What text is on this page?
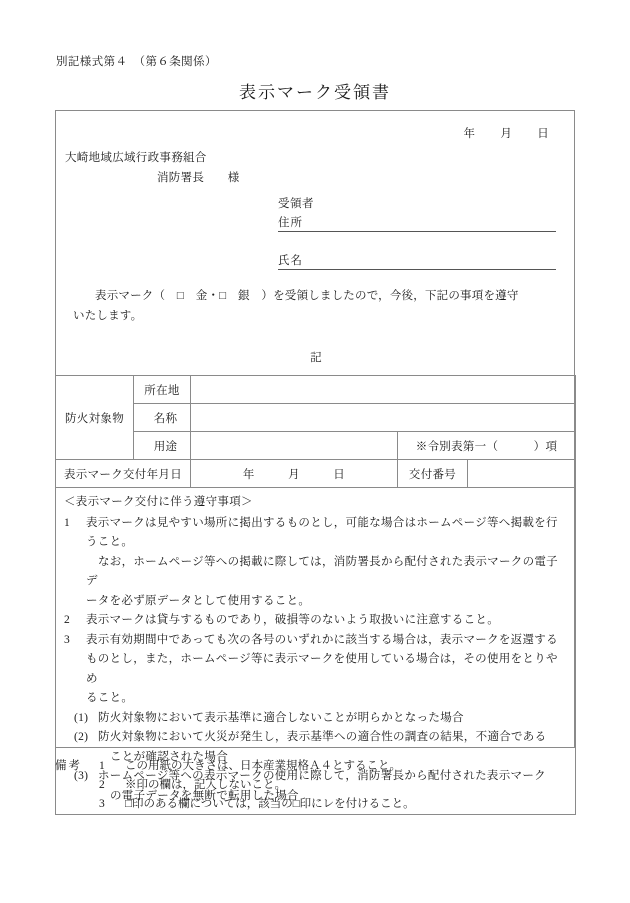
別記様式第４　（第６条関係）
表示マーク受領書
年 月 日
大崎地域広域行政事務組合
消防署長　　様
受領者
住所
氏名
表示マーク（　□　金・□　銀　）を受領しましたので，今後，下記の事項を遵守
いたします。
記
防火対象物	所在地			
	名称			
	用途		※令別表第一（　　　）項	
表示マーク交付年月日		年 月 日	交付番号	

＜表示マーク交付に伴う遵守事項＞
1	表示マークは見やすい場所に掲出するものとし，可能な場合はホームページ等へ掲載を行
うこと。
なお，ホームページ等への掲載に際しては，消防署長から配付された表示マークの電子デ
ータを必ず原データとして使用すること。
2	表示マークは貸与するものであり，破損等のないよう取扱いに注意すること。
3	表示有効期間中であっても次の各号のいずれかに該当する場合は，表示マークを返還する
ものとし，また，ホームページ等に表示マークを使用している場合は，その使用をとりやめ
ること。
(1) 防火対象物において表示基準に適合しないことが明らかとなった場合
(2) 防火対象物において火災が発生し，表示基準への適合性の調査の結果，不適合である
ことが確認された場合
(3) ホームページ等への表示マークの使用に際して，消防署長から配付された表示マーク
の電子データを無断で転用した場合
備考	1	この用紙の大きさは、日本産業規格Ａ４とすること。
2	※印の欄は，記入しないこと。
3	□印のある欄については，該当の□印にレを付けること。
